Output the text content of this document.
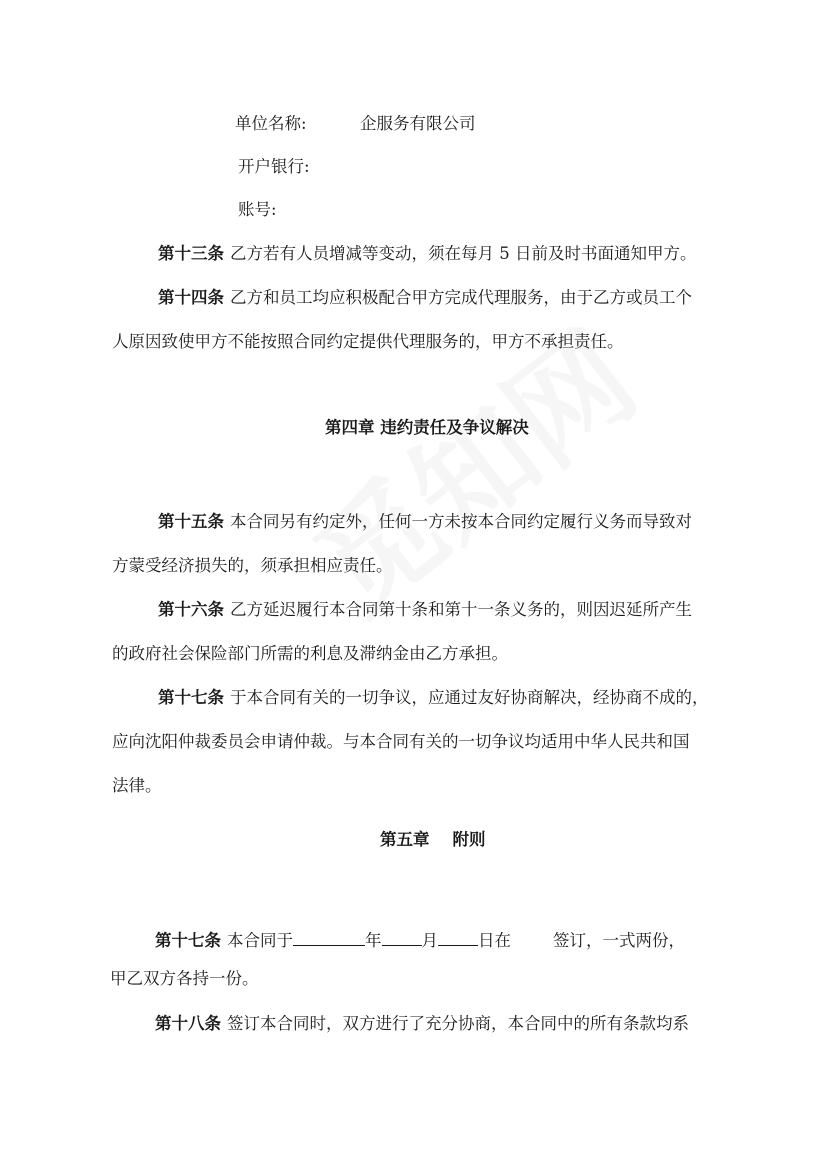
单位名称:	企服务有限公司
开户银行:
账号:
第十三条 乙方若有人员增减等变动，须在每月 5 日前及时书面通知甲方。
第十四条 乙方和员工均应积极配合甲方完成代理服务，由于乙方或员工个
人原因致使甲方不能按照合同约定提供代理服务的，甲方不承担责任。
第四章 违约责任及争议解决
第十五条 本合同另有约定外，任何一方未按本合同约定履行义务而导致对
方蒙受经济损失的，须承担相应责任。
第十六条 乙方延迟履行本合同第十条和第十一条义务的，则因迟延所产生
的政府社会保险部门所需的利息及滞纳金由乙方承担。
第十七条 于本合同有关的一切争议，应通过友好协商解决，经协商不成的，
应向沈阳仲裁委员会申请仲裁。与本合同有关的一切争议均适用中华人民共和国
法律。
第五章    附则
第十七条 本合同于	年 月 日在	签订，一式两份，
甲乙双方各持一份。
第十八条 签订本合同时，双方进行了充分协商，本合同中的所有条款均系
